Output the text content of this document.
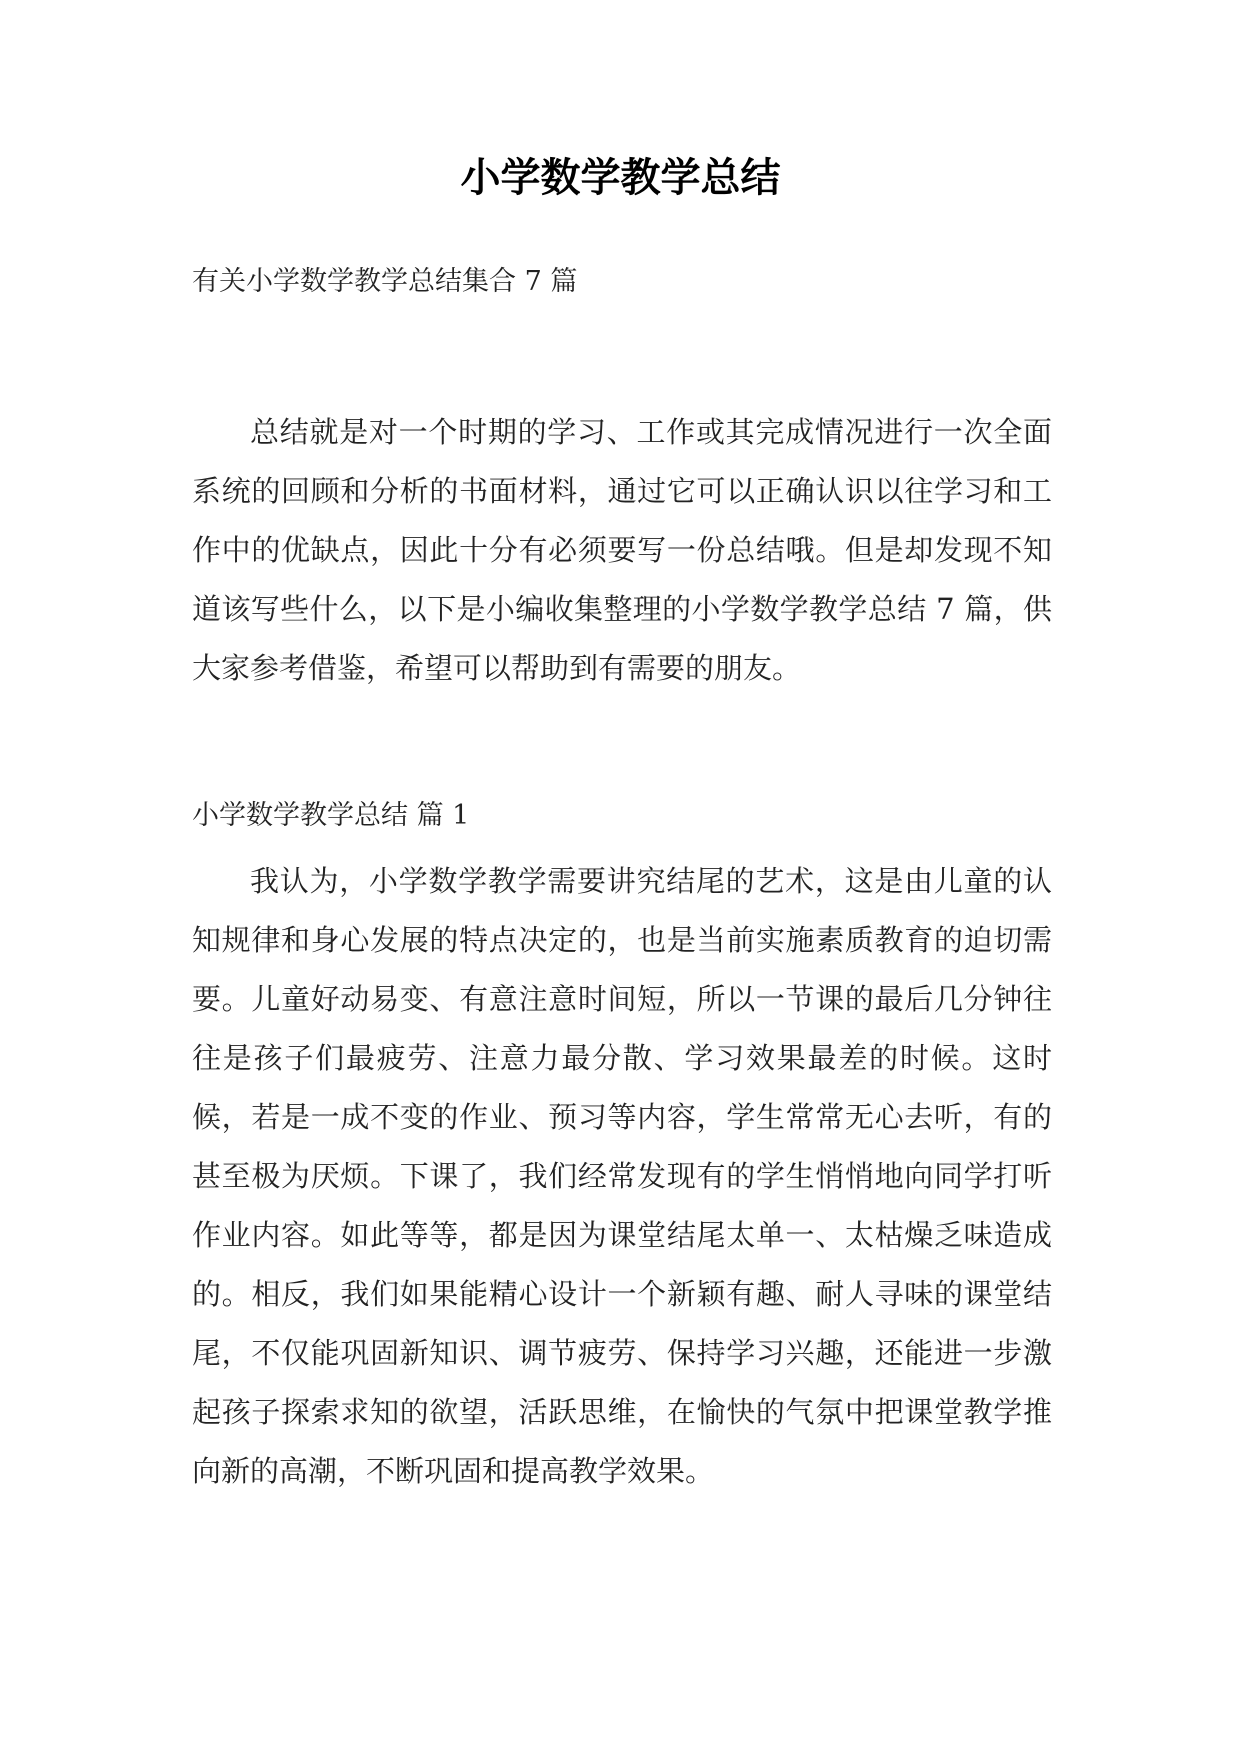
小学数学教学总结

有关小学数学教学总结集合 7 篇

总结就是对一个时期的学习、工作或其完成情况进行一次全面系统的回顾和分析的书面材料，通过它可以正确认识以往学习和工作中的优缺点，因此十分有必须要写一份总结哦。但是却发现不知道该写些什么，以下是小编收集整理的小学数学教学总结 7 篇，供大家参考借鉴，希望可以帮助到有需要的朋友。

小学数学教学总结 篇 1

我认为，小学数学教学需要讲究结尾的艺术，这是由儿童的认知规律和身心发展的特点决定的，也是当前实施素质教育的迫切需要。儿童好动易变、有意注意时间短，所以一节课的最后几分钟往往是孩子们最疲劳、注意力最分散、学习效果最差的时候。这时候，若是一成不变的作业、预习等内容，学生常常无心去听，有的甚至极为厌烦。下课了，我们经常发现有的学生悄悄地向同学打听作业内容。如此等等，都是因为课堂结尾太单一、太枯燥乏味造成的。相反，我们如果能精心设计一个新颖有趣、耐人寻味的课堂结尾，不仅能巩固新知识、调节疲劳、保持学习兴趣，还能进一步激起孩子探索求知的欲望，活跃思维，在愉快的气氛中把课堂教学推向新的高潮，不断巩固和提高教学效果。
